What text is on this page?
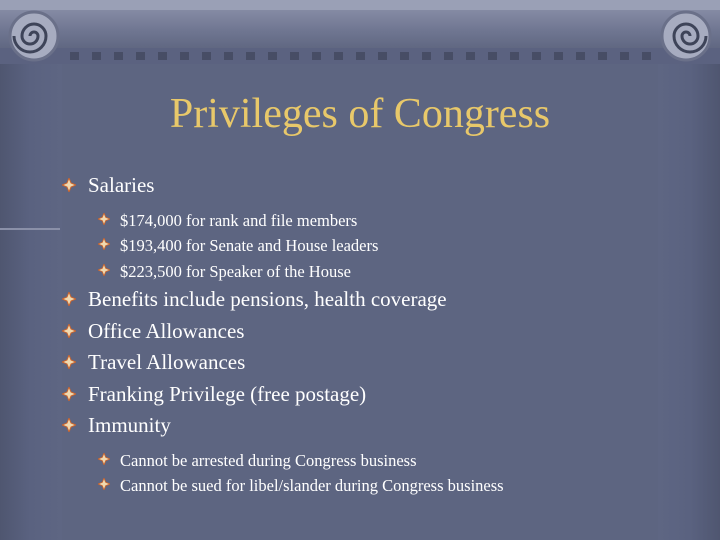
Privileges of Congress
Salaries
$174,000 for rank and file members
$193,400 for Senate and House leaders
$223,500 for Speaker of the House
Benefits include pensions, health coverage
Office Allowances
Travel Allowances
Franking Privilege (free postage)
Immunity
Cannot be arrested during Congress business
Cannot be sued for libel/slander during Congress business
